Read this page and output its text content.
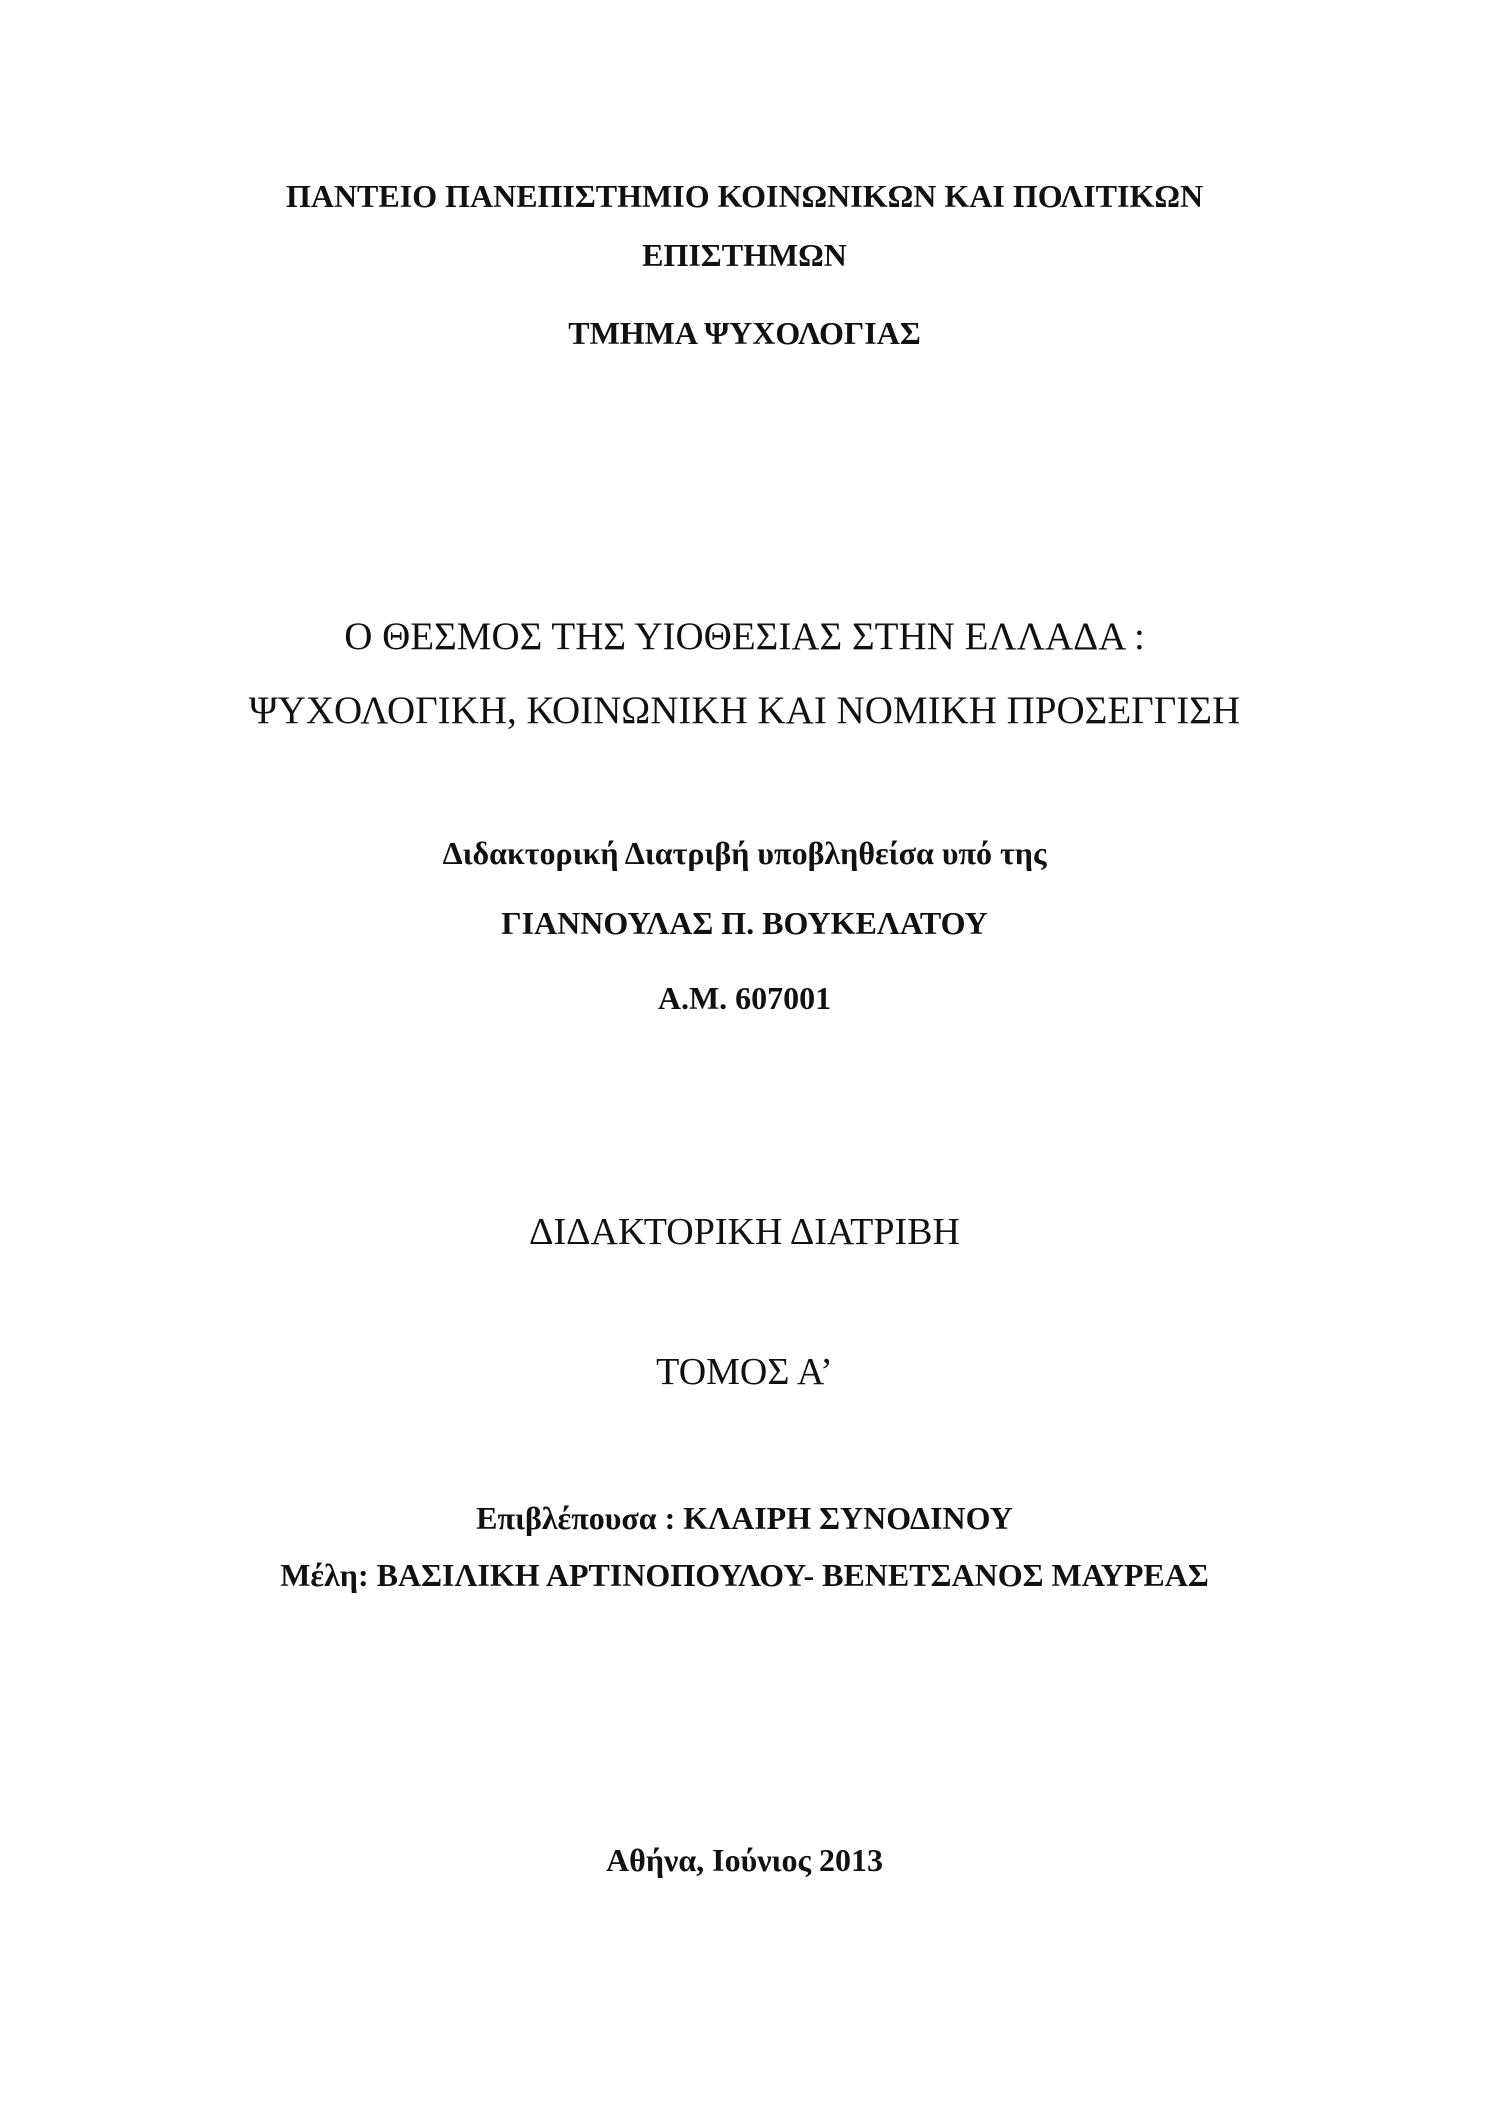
ΠΑΝΤΕΙΟ ΠΑΝΕΠΙΣΤΗΜΙΟ ΚΟΙΝΩΝΙΚΩΝ ΚΑΙ ΠΟΛΙΤΙΚΩΝ
ΕΠΙΣΤΗΜΩΝ
ΤΜΗΜΑ ΨΥΧΟΛΟΓΙΑΣ
Ο ΘΕΣΜΟΣ ΤΗΣ ΥΙΟΘΕΣΙΑΣ ΣΤΗΝ ΕΛΛΑΔΑ :
ΨΥΧΟΛΟΓΙΚΗ, ΚΟΙΝΩΝΙΚΗ ΚΑΙ ΝΟΜΙΚΗ ΠΡΟΣΕΓΓΙΣΗ
Διδακτορική Διατριβή υποβληθείσα υπό της
ΓΙΑΝΝΟΥΛΑΣ Π. ΒΟΥΚΕΛΑΤΟΥ
Α.Μ. 607001
ΔΙΔΑΚΤΟΡΙΚΗ ΔΙΑΤΡΙΒΗ
ΤΟΜΟΣ Α’
Επιβλέπουσα : ΚΛΑΙΡΗ ΣΥΝΟΔΙΝΟΥ
Μέλη: ΒΑΣΙΛΙΚΗ ΑΡΤΙΝΟΠΟΥΛΟΥ- ΒΕΝΕΤΣΑΝΟΣ ΜΑΥΡΕΑΣ
Αθήνα, Ιούνιος 2013
